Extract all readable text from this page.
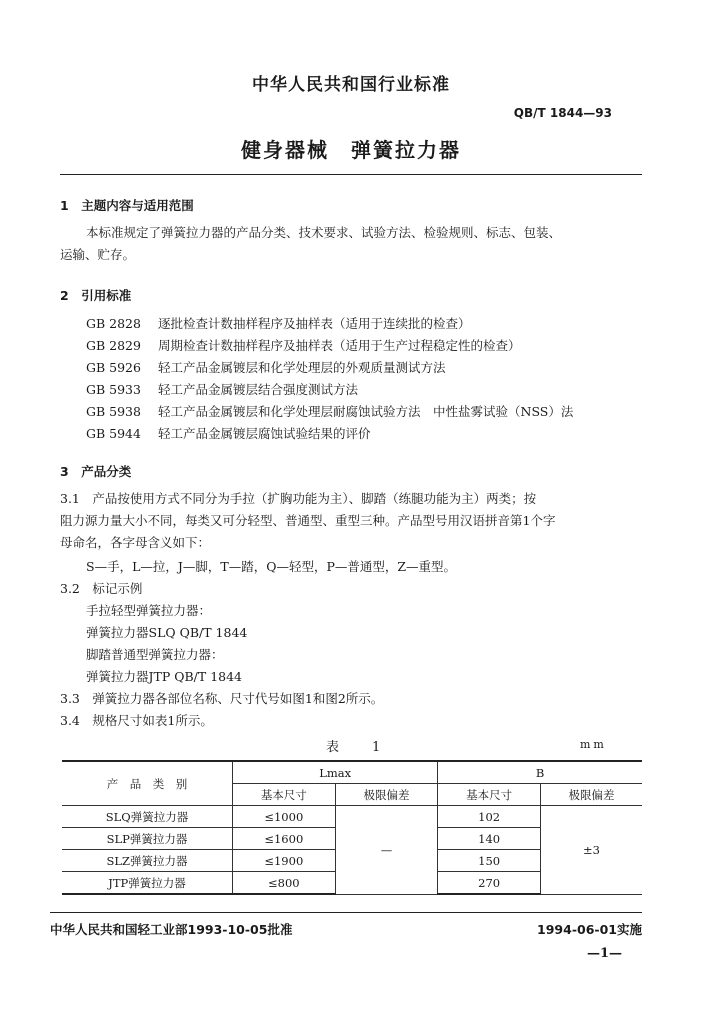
中华人民共和国行业标准
QB/T 1844—93
健身器械　弹簧拉力器
1　主题内容与适用范围
本标准规定了弹簧拉力器的产品分类、技术要求、试验方法、检验规则、标志、包装、
运输、贮存。
2　引用标准
GB 2828 逐批检查计数抽样程序及抽样表（适用于连续批的检查）
GB 2829 周期检查计数抽样程序及抽样表（适用于生产过程稳定性的检查）
GB 5926 轻工产品金属镀层和化学处理层的外观质量测试方法
GB 5933 轻工产品金属镀层结合强度测试方法
GB 5938 轻工产品金属镀层和化学处理层耐腐蚀试验方法　中性盐雾试验（NSS）法
GB 5944 轻工产品金属镀层腐蚀试验结果的评价
3　产品分类
3.1　产品按使用方式不同分为手拉（扩胸功能为主）、脚踏（练腿功能为主）两类；按
阻力源力量大小不同，每类又可分轻型、普通型、重型三种。产品型号用汉语拼音第1个字
母命名，各字母含义如下：
S—手，L—拉，J—脚，T—踏，Q—轻型，P—普通型，Z—重型。
3.2　标记示例
手拉轻型弹簧拉力器：
弹簧拉力器SLQ QB/T 1844
脚踏普通型弹簧拉力器：
弹簧拉力器JTP QB/T 1844
3.3　弹簧拉力器各部位名称、尺寸代号如图1和图2所示。
3.4　规格尺寸如表1所示。
表　1	mm
产　品　类　别	Lmax		B	
	基本尺寸	极限偏差	基本尺寸	极限偏差
SLQ弹簧拉力器	≤1000	—	102	±3
SLP弹簧拉力器	≤1600		140	
SLZ弹簧拉力器	≤1900		150	
JTP弹簧拉力器	≤800		270	
中华人民共和国轻工业部1993-10-05批准	1994-06-01实施
—1—
